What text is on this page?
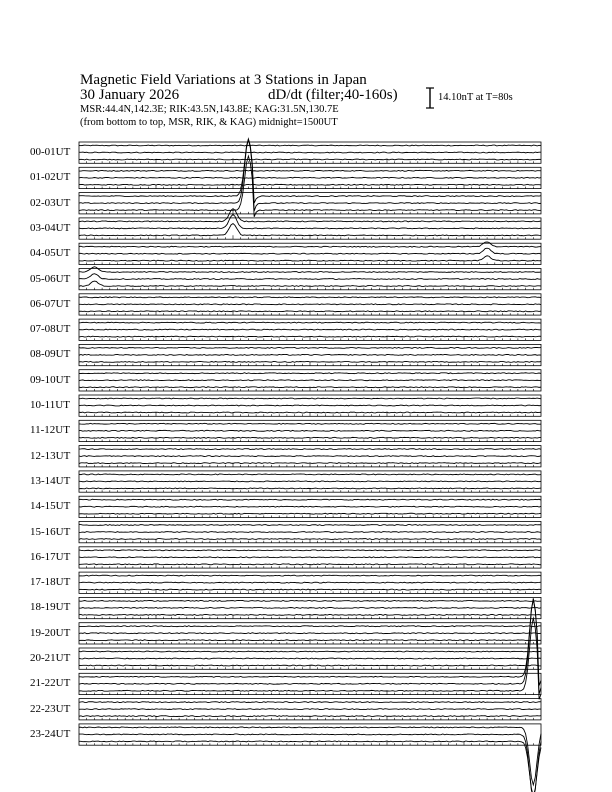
Magnetic Field Variations at 3 Stations in Japan
30 January 2026	dD/dt (filter;40-160s)
MSR:44.4N,142.3E; RIK:43.5N,143.8E; KAG:31.5N,130.7E
(from bottom to top, MSR, RIK, & KAG) midnight=1500UT
14.10nT at T=80s
00-01UT
01-02UT
02-03UT
03-04UT
04-05UT
05-06UT
06-07UT
07-08UT
08-09UT
09-10UT
10-11UT
11-12UT
12-13UT
13-14UT
14-15UT
15-16UT
16-17UT
17-18UT
18-19UT
19-20UT
20-21UT
21-22UT
22-23UT
23-24UT
